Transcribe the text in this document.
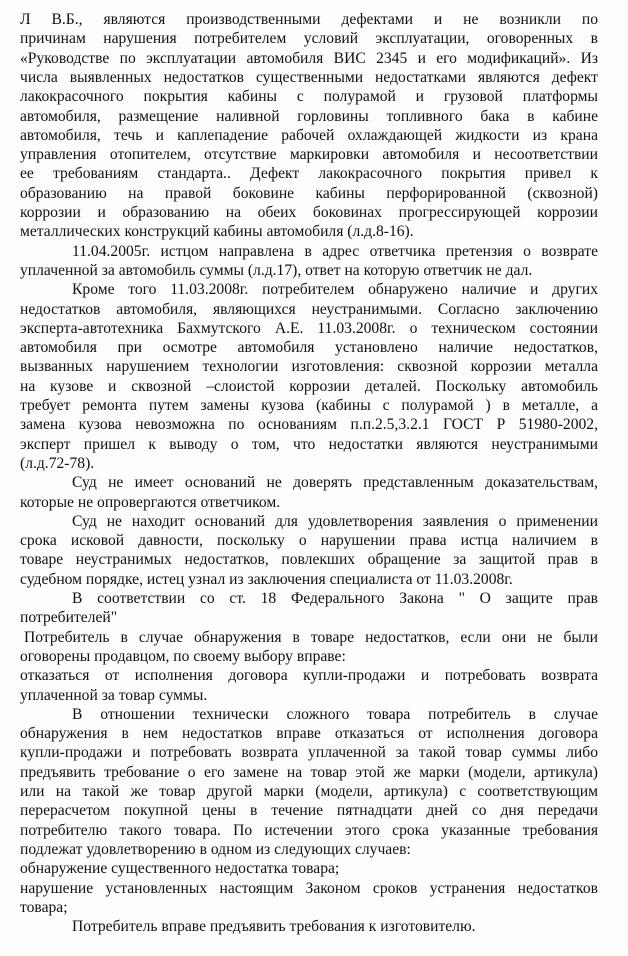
Л В.Б., являются производственными дефектами и не возникли по
причинам нарушения потребителем условий эксплуатации, оговоренных в
«Руководстве по эксплуатации автомобиля ВИС 2345 и его модификаций». Из
числа выявленных недостатков существенными недостатками являются дефект
лакокрасочного покрытия кабины с полурамой и грузовой платформы
автомобиля, размещение наливной горловины топливного бака в кабине
автомобиля, течь и каплепадение рабочей охлаждающей жидкости из крана
управления отопителем, отсутствие маркировки автомобиля и несоответствии
ее требованиям стандарта.. Дефект лакокрасочного покрытия привел к
образованию на правой боковине кабины перфорированной (сквозной)
коррозии и образованию на обеих боковинах прогрессирующей коррозии
металлических конструкций кабины автомобиля (л.д.8-16).
11.04.2005г. истцом направлена в адрес ответчика претензия о возврате
уплаченной за автомобиль суммы (л.д.17), ответ на которую ответчик не дал.
Кроме того 11.03.2008г. потребителем обнаружено наличие и других
недостатков автомобиля, являющихся неустранимыми. Согласно заключению
эксперта-автотехника Бахмутского А.Е. 11.03.2008г. о техническом состоянии
автомобиля при осмотре автомобиля установлено наличие недостатков,
вызванных нарушением технологии изготовления: сквозной коррозии металла
на кузове и сквозной –слоистой коррозии деталей. Поскольку автомобиль
требует ремонта путем замены кузова (кабины с полурамой ) в металле, а
замена кузова невозможна по основаниям п.п.2.5,3.2.1 ГОСТ Р 51980-2002,
эксперт пришел к выводу о том, что недостатки являются неустранимыми
(л.д.72-78).
Суд не имеет оснований не доверять представленным доказательствам,
которые не опровергаются ответчиком.
Суд не находит оснований для удовлетворения заявления о применении
срока исковой давности, поскольку о нарушении права истца наличием в
товаре неустранимых недостатков, повлекших обращение за защитой прав в
судебном порядке, истец узнал из заключения специалиста от 11.03.2008г.
В соответствии со ст. 18 Федерального Закона " О защите прав
потребителей"
Потребитель в случае обнаружения в товаре недостатков, если они не были
оговорены продавцом, по своему выбору вправе:
отказаться от исполнения договора купли-продажи и потребовать возврата
уплаченной за товар суммы.
В отношении технически сложного товара потребитель в случае
обнаружения в нем недостатков вправе отказаться от исполнения договора
купли-продажи и потребовать возврата уплаченной за такой товар суммы либо
предъявить требование о его замене на товар этой же марки (модели, артикула)
или на такой же товар другой марки (модели, артикула) с соответствующим
перерасчетом покупной цены в течение пятнадцати дней со дня передачи
потребителю такого товара. По истечении этого срока указанные требования
подлежат удовлетворению в одном из следующих случаев:
обнаружение существенного недостатка товара;
нарушение установленных настоящим Законом сроков устранения недостатков
товара;
Потребитель вправе предъявить требования к изготовителю.
